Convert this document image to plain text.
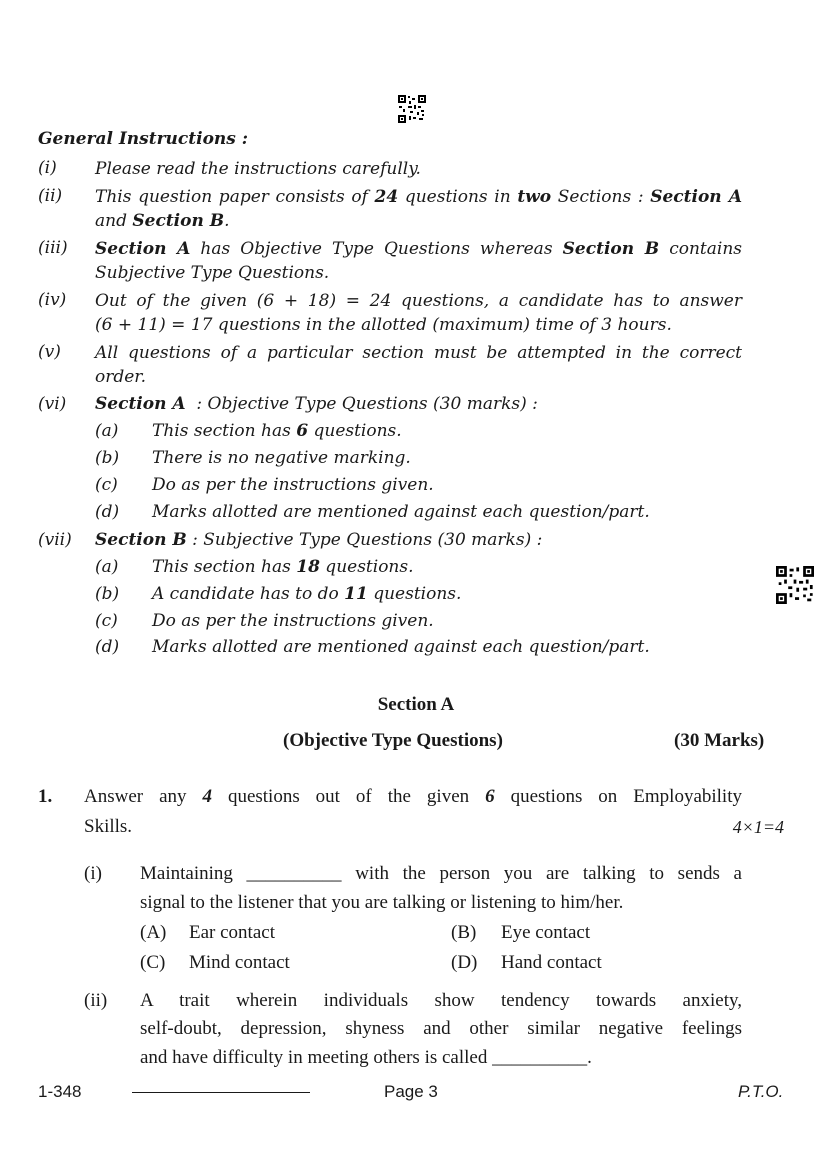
General Instructions :
(i) Please read the instructions carefully.
(ii) This question paper consists of 24 questions in two Sections : Section A
and Section B.
(iii) Section A has Objective Type Questions whereas Section B contains
Subjective Type Questions.
(iv) Out of the given (6 + 18) = 24 questions, a candidate has to answer
(6 + 11) = 17 questions in the allotted (maximum) time of 3 hours.
(v) All questions of a particular section must be attempted in the correct
order.
(vi) Section A  : Objective Type Questions (30 marks) :
(a) This section has 6 questions.
(b) There is no negative marking.
(c) Do as per the instructions given.
(d) Marks allotted are mentioned against each question/part.
(vii) Section B : Subjective Type Questions (30 marks) :
(a) This section has 18 questions.
(b) A candidate has to do 11 questions.
(c) Do as per the instructions given.
(d) Marks allotted are mentioned against each question/part.
Section A
(Objective Type Questions)	(30 Marks)
1. Answer any 4 questions out of the given 6 questions on Employability
Skills.	4×1=4
(i) Maintaining __________ with the person you are talking to sends a
signal to the listener that you are talking or listening to him/her.
(A) Ear contact	(B) Eye contact
(C) Mind contact	(D) Hand contact
(ii) A trait wherein individuals show tendency towards anxiety,
self-doubt, depression, shyness and other similar negative feelings
and have difficulty in meeting others is called __________.
1-348	Page 3	P.T.O.
